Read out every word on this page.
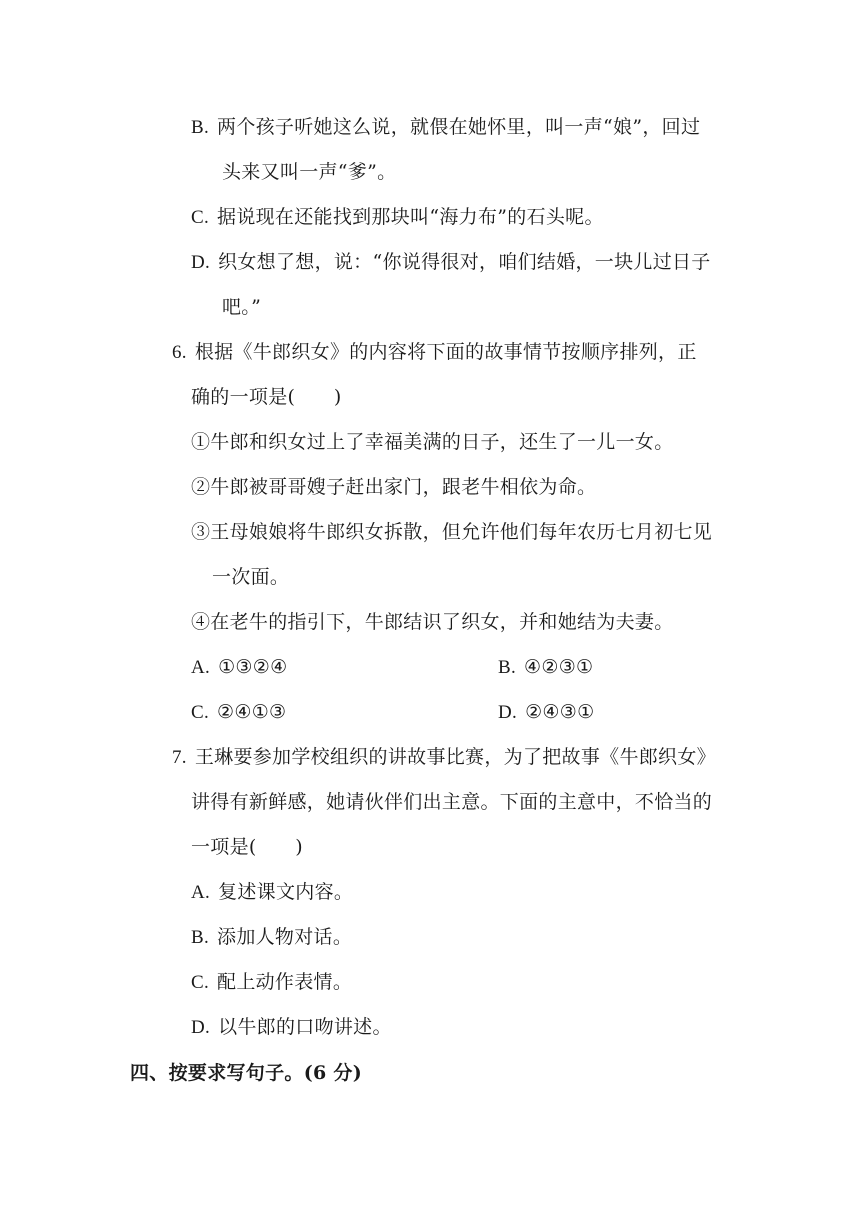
B. 两个孩子听她这么说，就偎在她怀里，叫一声“娘”，回过
头来又叫一声“爹”。
C. 据说现在还能找到那块叫“海力布”的石头呢。
D. 织女想了想，说：“你说得很对，咱们结婚，一块儿过日子
吧。”
6. 根据《牛郎织女》的内容将下面的故事情节按顺序排列，正
确的一项是(　　)
①牛郎和织女过上了幸福美满的日子，还生了一儿一女。
②牛郎被哥哥嫂子赶出家门，跟老牛相依为命。
③王母娘娘将牛郎织女拆散，但允许他们每年农历七月初七见
一次面。
④在老牛的指引下，牛郎结识了织女，并和她结为夫妻。
A. ①③②④	B. ④②③①
C. ②④①③	D. ②④③①
7. 王琳要参加学校组织的讲故事比赛，为了把故事《牛郎织女》
讲得有新鲜感，她请伙伴们出主意。下面的主意中，不恰当的
一项是(　　)
A. 复述课文内容。
B. 添加人物对话。
C. 配上动作表情。
D. 以牛郎的口吻讲述。
四、按要求写句子。(6 分)
